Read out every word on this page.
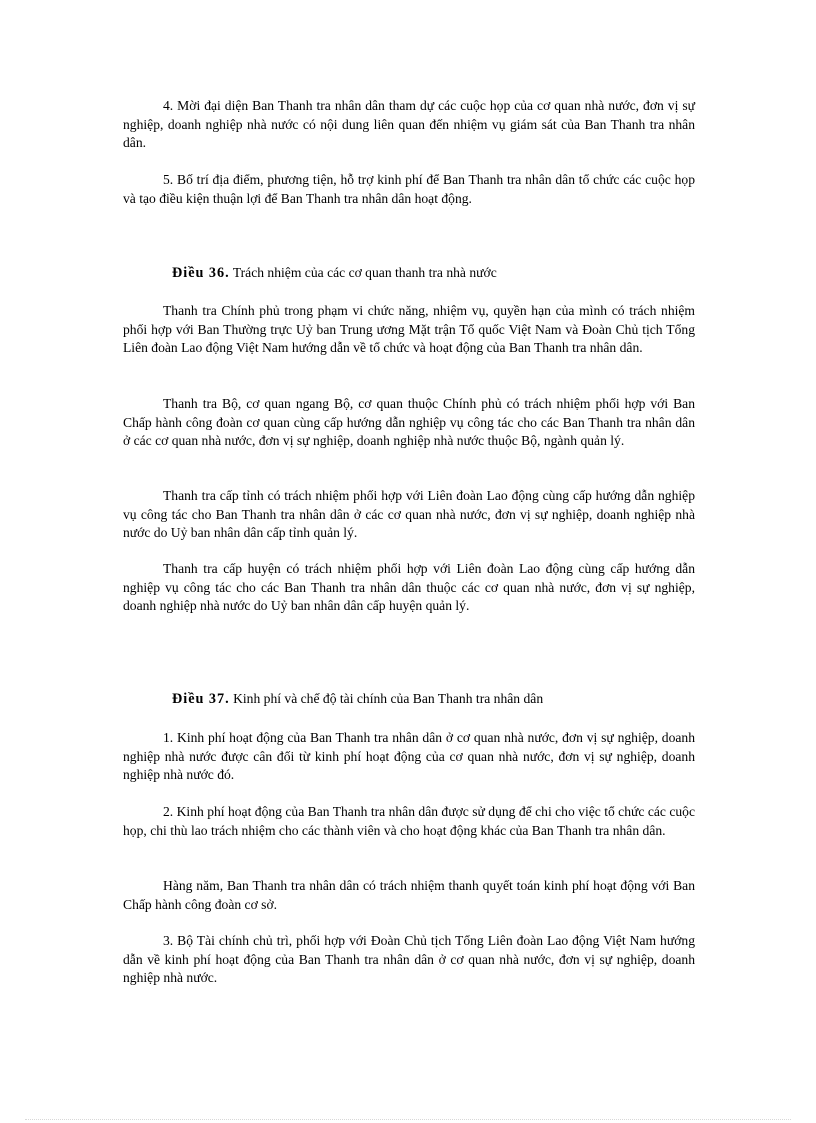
4. Mời đại diện Ban Thanh tra nhân dân tham dự các cuộc họp của cơ quan nhà nước, đơn vị sự nghiệp, doanh nghiệp nhà nước có nội dung liên quan đến nhiệm vụ giám sát của Ban Thanh tra nhân dân.

5. Bố trí địa điểm, phương tiện, hỗ trợ kinh phí để Ban Thanh tra nhân dân tổ chức các cuộc họp và tạo điều kiện thuận lợi để Ban Thanh tra nhân dân hoạt động.

Điều 36. Trách nhiệm của các cơ quan thanh tra nhà nước

Thanh tra Chính phủ trong phạm vi chức năng, nhiệm vụ, quyền hạn của mình có trách nhiệm phối hợp với Ban Thường trực Uỷ ban Trung ương Mặt trận Tổ quốc Việt Nam và Đoàn Chủ tịch Tổng Liên đoàn Lao động Việt Nam hướng dẫn về tổ chức và hoạt động của Ban Thanh tra nhân dân.

Thanh tra Bộ, cơ quan ngang Bộ, cơ quan thuộc Chính phủ có trách nhiệm phối hợp với Ban Chấp hành công đoàn cơ quan cùng cấp hướng dẫn nghiệp vụ công tác cho các Ban Thanh tra nhân dân ở các cơ quan nhà nước, đơn vị sự nghiệp, doanh nghiệp nhà nước thuộc Bộ, ngành quản lý.

Thanh tra cấp tỉnh có trách nhiệm phối hợp với Liên đoàn Lao động cùng cấp hướng dẫn nghiệp vụ công tác cho Ban Thanh tra nhân dân ở các cơ quan nhà nước, đơn vị sự nghiệp, doanh nghiệp nhà nước do Uỷ ban nhân dân cấp tỉnh quản lý.

Thanh tra cấp huyện có trách nhiệm phối hợp với Liên đoàn Lao động cùng cấp hướng dẫn nghiệp vụ công tác cho các Ban Thanh tra nhân dân thuộc các cơ quan nhà nước, đơn vị sự nghiệp, doanh nghiệp nhà nước do Uỷ ban nhân dân cấp huyện quản lý.

Điều 37. Kinh phí và chế độ tài chính của Ban Thanh tra nhân dân

1. Kinh phí hoạt động của Ban Thanh tra nhân dân ở cơ quan nhà nước, đơn vị sự nghiệp, doanh nghiệp nhà nước được cân đối từ kinh phí hoạt động của cơ quan nhà nước, đơn vị sự nghiệp, doanh nghiệp nhà nước đó.

2. Kinh phí hoạt động của Ban Thanh tra nhân dân được sử dụng để chi cho việc tổ chức các cuộc họp, chi thù lao trách nhiệm cho các thành viên và cho hoạt động khác của Ban Thanh tra nhân dân.

Hàng năm, Ban Thanh tra nhân dân có trách nhiệm thanh quyết toán kinh phí hoạt động với Ban Chấp hành công đoàn cơ sở.

3. Bộ Tài chính chủ trì, phối hợp với Đoàn Chủ tịch Tổng Liên đoàn Lao động Việt Nam hướng dẫn về kinh phí hoạt động của Ban Thanh tra nhân dân ở cơ quan nhà nước, đơn vị sự nghiệp, doanh nghiệp nhà nước.
